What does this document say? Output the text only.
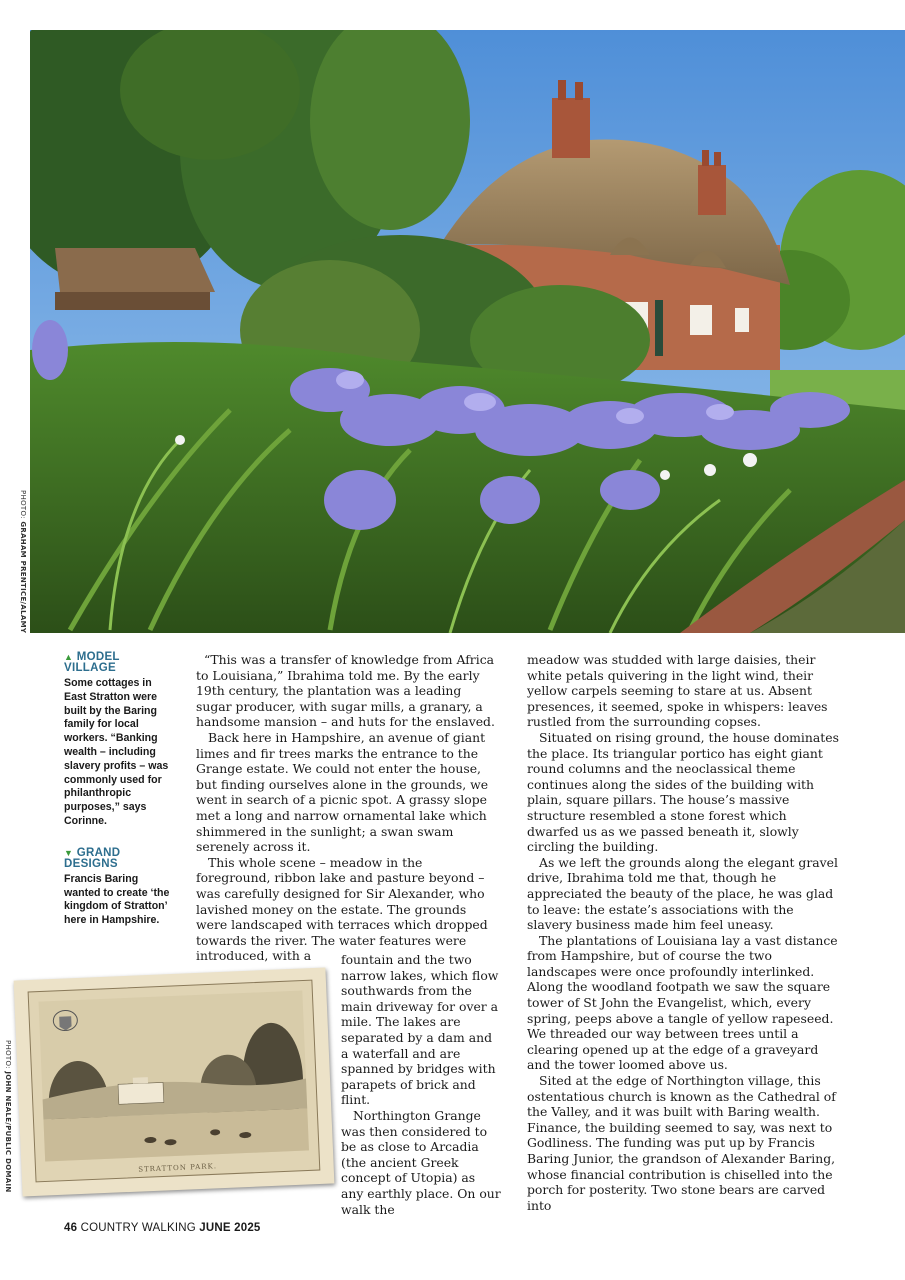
PHOTO: GRAHAM PRENTICE/ALAMY
▲ MODEL VILLAGE
Some cottages in East Stratton were built by the Baring family for local workers. “Banking wealth – including slavery profits – was commonly used for philanthropic purposes,” says Corinne.
▼ GRAND DESIGNS
Francis Baring wanted to create ‘the kingdom of Stratton’ here in Hampshire.

“This was a transfer of knowledge from Africa to Louisiana,” Ibrahima told me. By the early 19th century, the plantation was a leading sugar producer, with sugar mills, a granary, a handsome mansion – and huts for the enslaved.

Back here in Hampshire, an avenue of giant limes and fir trees marks the entrance to the Grange estate. We could not enter the house, but finding ourselves alone in the grounds, we went in search of a picnic spot. A grassy slope met a long and narrow ornamental lake which shimmered in the sunlight; a swan swam serenely across it.

This whole scene – meadow in the foreground, ribbon lake and pasture beyond – was carefully designed for Sir Alexander, who lavished money on the estate. The grounds were landscaped with terraces which dropped towards the river. The water features were introduced, with a	fountain and the two narrow lakes, which flow southwards from the main driveway for over a mile. The lakes are separated by a dam and a waterfall and are spanned by bridges with parapets of brick and flint.

Northington Grange was then considered to be as close to Arcadia (the ancient Greek concept of Utopia) as any earthly place. On our walk the

meadow was studded with large daisies, their white petals quivering in the light wind, their yellow carpels seeming to stare at us. Absent presences, it seemed, spoke in whispers: leaves rustled from the surrounding copses.

Situated on rising ground, the house dominates the place. Its triangular portico has eight giant round columns and the neoclassical theme continues along the sides of the building with plain, square pillars. The house’s massive structure resembled a stone forest which dwarfed us as we passed beneath it, slowly circling the building.

As we left the grounds along the elegant gravel drive, Ibrahima told me that, though he appreciated the beauty of the place, he was glad to leave: the estate’s associations with the slavery business made him feel uneasy.

The plantations of Louisiana lay a vast distance from Hampshire, but of course the two landscapes were once profoundly interlinked. Along the woodland footpath we saw the square tower of St John the Evangelist, which, every spring, peeps above a tangle of yellow rapeseed. We threaded our way between trees until a clearing opened up at the edge of a graveyard and the tower loomed above us.

Sited at the edge of Northington village, this ostentatious church is known as the Cathedral of the Valley, and it was built with Baring wealth. Finance, the building seemed to say, was next to Godliness. The funding was put up by Francis Baring Junior, the grandson of Alexander Baring, whose financial contribution is chiselled into the porch for posterity. Two stone bears are carved into

STRATTON PARK.
PHOTO: JOHN NEALE/PUBLIC DOMAIN
46 COUNTRY WALKING JUNE 2025
